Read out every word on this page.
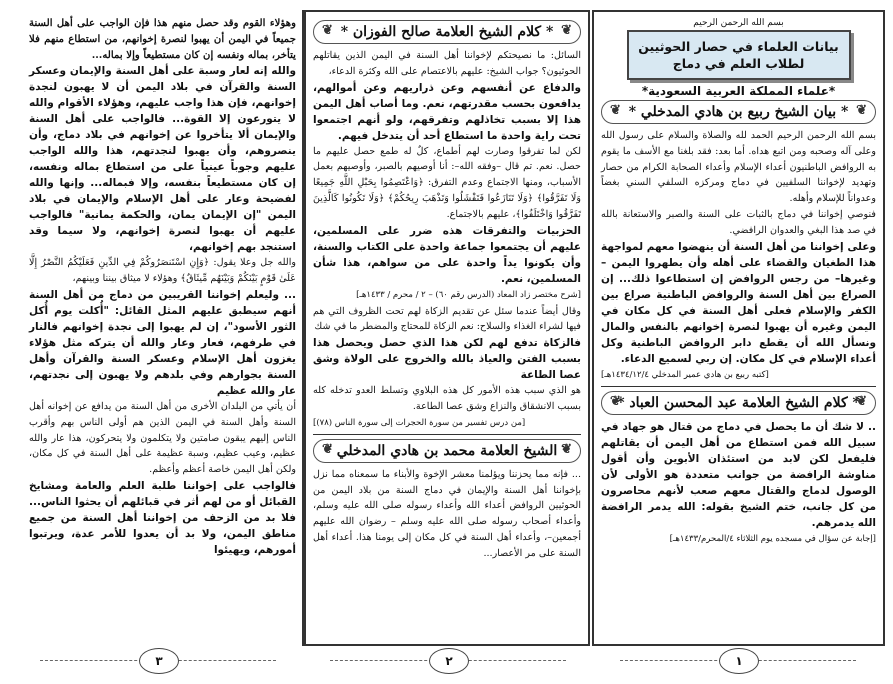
بسم الله الرحمن الرحيم
بيانات العلماء في حصار الحوثيين
لطلاب العلم في دماج
*علماء المملكة العربية السعودية*
❦ * بيان الشيخ ربيع بن هادي المدخلي * ❦

بسم الله الرحمن الرحيم الحمد لله والصلاة والسلام على رسول الله وعلى آله وصحبه ومن اتبع هداه. أما بعد: فقد بلغنا مع الأسف ما يقوم به الروافض الباطنيون أعداء الإسلام وأعداء الصحابة الكرام من حصار وتهديد لإخواننا السلفيين في دماج ومركزه السلفي السني بغضاً وعدواناً للإسلام وأهله.

فنوصي إخواننا في دماج بالثبات على السنة والصبر والاستعانة بالله في صد هذا البغي والعدوان الرافضي.

وعلى إخواننا من أهل السنة أن ينهضوا معهم لمواجهة هذا الطغيان والقضاء على أهله وأن يطهروا اليمن – وغيرها– من رجس الروافض إن استطاعوا ذلك... إن الصراع بين أهل السنة والروافض الباطنية صراع بين الكفر والإسلام فعلى أهل السنة في كل مكان في اليمن وغيره أن يهبوا لنصرة إخوانهم بالنفس والمال ونسأل الله أن يقطع دابر الروافض الباطنية وكل أعداء الإسلام في كل مكان. إن ربي لسميع الدعاء.

[كتبه ربيع بن هادي عمير المدخلي ١٤٣٤/١٢/٤هـ]

❦ * كلام الشيخ العلامة عبد المحسن العباد * ❦

.. لا شك أن ما يحصل في دماج من قتال هو جهاد في سبيل الله فمن استطاع من أهل اليمن أن يقاتلهم فليفعل لكن لابد من استئذان الأبوين وأن أقول مناوشة الرافضة من جوانب متعددة هو الأولى لأن الوصول لدماج والقتال معهم صعب لأنهم محاصرون من كل جانب، ختم الشيخ بقوله: الله يدمر الرافضة الله يدمرهم.

[إجابة عن سؤال في مسجده يوم الثلاثاء ٤/المحرم/١٤٣٣هـ]

❦ * كلام الشيخ العلامة صالح الفوزان * ❦

السائل: ما نصيحتكم لإخواننا أهل السنة في اليمن الذين يقاتلهم الحوثيون؟ جواب الشيخ: عليهم بالاعتصام على الله وكثرة الدعاء،

والدفاع عن أنفسهم وعن ذراريهم وعن أموالهم، يدافعون بحسب مقدرتهم، نعم. وما أصاب أهل اليمن هذا إلا بسبب تخاذلهم وتفرقهم، ولو أنهم اجتمعوا تحت راية واحدة ما استطاع أحد أن يتدخل فيهم.

لكن لما تفرقوا وصارت لهم أطماع، كلٌ له طمع حصل عليهم ما حصل. نعم. تم قال –وفقه الله–: أنا أوصيهم بالصبر، وأوصيهم بعمل الأسباب، ومنها الاجتماع وعدم التفرق: ﴿وَاعْتَصِمُوا بِحَبْلِ اللَّهِ جَمِيعًا وَلَا تَفَرَّقُوا﴾ ﴿وَلَا تَنَازَعُوا فَتَفْشَلُوا وَتَذْهَبَ رِيحُكُمْ﴾ ﴿وَلَا تَكُونُوا كَالَّذِينَ تَفَرَّقُوا وَاخْتَلَفُوا﴾، عليهم بالاجتماع.

الحزبيات والتفرقات هذه ضرر على المسلمين، عليهم أن يجتمعوا جماعة واحدة على الكتاب والسنة، وأن يكونوا يداً واحدة على من سواهم، هذا شأن المسلمين، نعم.

[شرح مختصر زاد المعاد (الدرس رقم ٦٠) – ٢ / محرم / ١٤٣٣هـ]

وقال أيضاً عندما سئل عن تقديم الزكاة لهم تحت الظروف التي هم فيها لشراء الغذاء والسلاح: نعم الزكاة للمحتاج والمضطر ما في شك

فالزكاة تدفع لهم لكن هذا الذي حصل ويحصل هذا بسبب الفتن والعياذ بالله والخروج على الولاة وشق عصا الطاعة

هو الذي سبب هذه الأمور كل هذه البلاوي وتسلط العدو تدخله كله بسبب الانشقاق والنزاع وشق عصا الطاعة.

[من درس تفسير من سورة الحجرات إلى سورة الناس (٧٨)]

❦ * الشيخ العلامة محمد بن هادي المدخلي * ❦

... فإنه مما يحزننا ويؤلمنا معشر الإخوة والأبناء ما سمعناه مما نزل بإخواننا أهل السنة والإيمان في دماج السنة من بلاد اليمن من الحوثيين الروافض أعداء الله وأعداء رسوله صلى الله عليه وسلم، وأعداء أصحاب رسوله صلى الله عليه وسلم – رضوان الله عليهم أجمعين–، وأعداء أهل السنة في كل مكان إلى يومنا هذا. أعداء أهل السنة على مر الأعصار...

وهؤلاء القوم وقد حصل منهم هذا فإن الواجب على أهل السنة جميعاً في اليمن أن يهبوا لنصرة إخوانهم، من استطاع منهم فلا يتأخر، بماله ونفسه إن كان مستطيعاً وإلا بماله...

والله إنه لعار وسبة على أهل السنة والإيمان وعسكر السنة والقرآن في بلاد اليمن أن لا يهبون لنجدة إخوانهم، فإن هذا واجب عليهم، وهؤلاء الأقوام والله لا يتورعون إلا القوة... فالواجب على أهل السنة والإيمان ألا يتأخروا عن إخوانهم في بلاد دماج، وأن ينصروهم، وأن يهبوا لنجدتهم، هذا والله الواجب عليهم وجوباً عينياً على من استطاع بماله ونفسه، إن كان مستطيعاً بنفسه، وإلا فبماله... وإنها والله لفضيحة وعار على أهل الإسلام والإيمان في بلاد اليمن "إن الإيمان يمان، والحكمة يمانية" فالواجب عليهم أن يهبوا لنصرة إخوانهم، ولا سيما وقد استنجد بهم إخوانهم،

والله جل وعلا يقول: ﴿وَإِنِ اسْتَنصَرُوكُمْ فِي الدِّينِ فَعَلَيْكُمُ النَّصْرُ إِلَّا عَلَىٰ قَوْمٍ بَيْنَكُمْ وَبَيْنَهُم مِّيثَاقٌ﴾ وهؤلاء لا ميثاق بيننا وبينهم،

... وليعلم إخواننا القريبين من دماج من أهل السنة أنهم سيطبق عليهم المثل القائل: "أُكلت يوم أُكل الثور الأسود"، إن لم يهبوا إلى نجدة إخوانهم فالنار في طرفهم، فعار وعار والله أن يتركه مثل هؤلاء يغزون أهل الإسلام وعسكر السنة والقرآن وأهل السنة بجوارهم وفي بلدهم ولا يهبون إلى نجدتهم، عار والله عظيم

أن يأتي من البلدان الأخرى من أهل السنة من يدافع عن إخوانه أهل السنة وأهل السنة في اليمن الذين هم أولى الناس بهم وأقرب الناس إليهم يبقون صامتين ولا يتكلمون ولا يتحركون، هذا عار والله عظيم، وعيب عظيم، وسبة عظيمة على أهل السنة في كل مكان، ولكن أهل اليمن خاصة أعظم وأعظم.

فالواجب على إخواننا طلبة العلم والعامة ومشايخ القبائل أو من لهم أثر في قبائلهم أن يحثوا الناس... فلا بد من الزحف من إخواننا أهل السنة من جميع مناطق اليمن، ولا بد أن يعدوا للأمر عدة، ويرتبوا أمورهم، ويهيئوا

٣	٢	١
